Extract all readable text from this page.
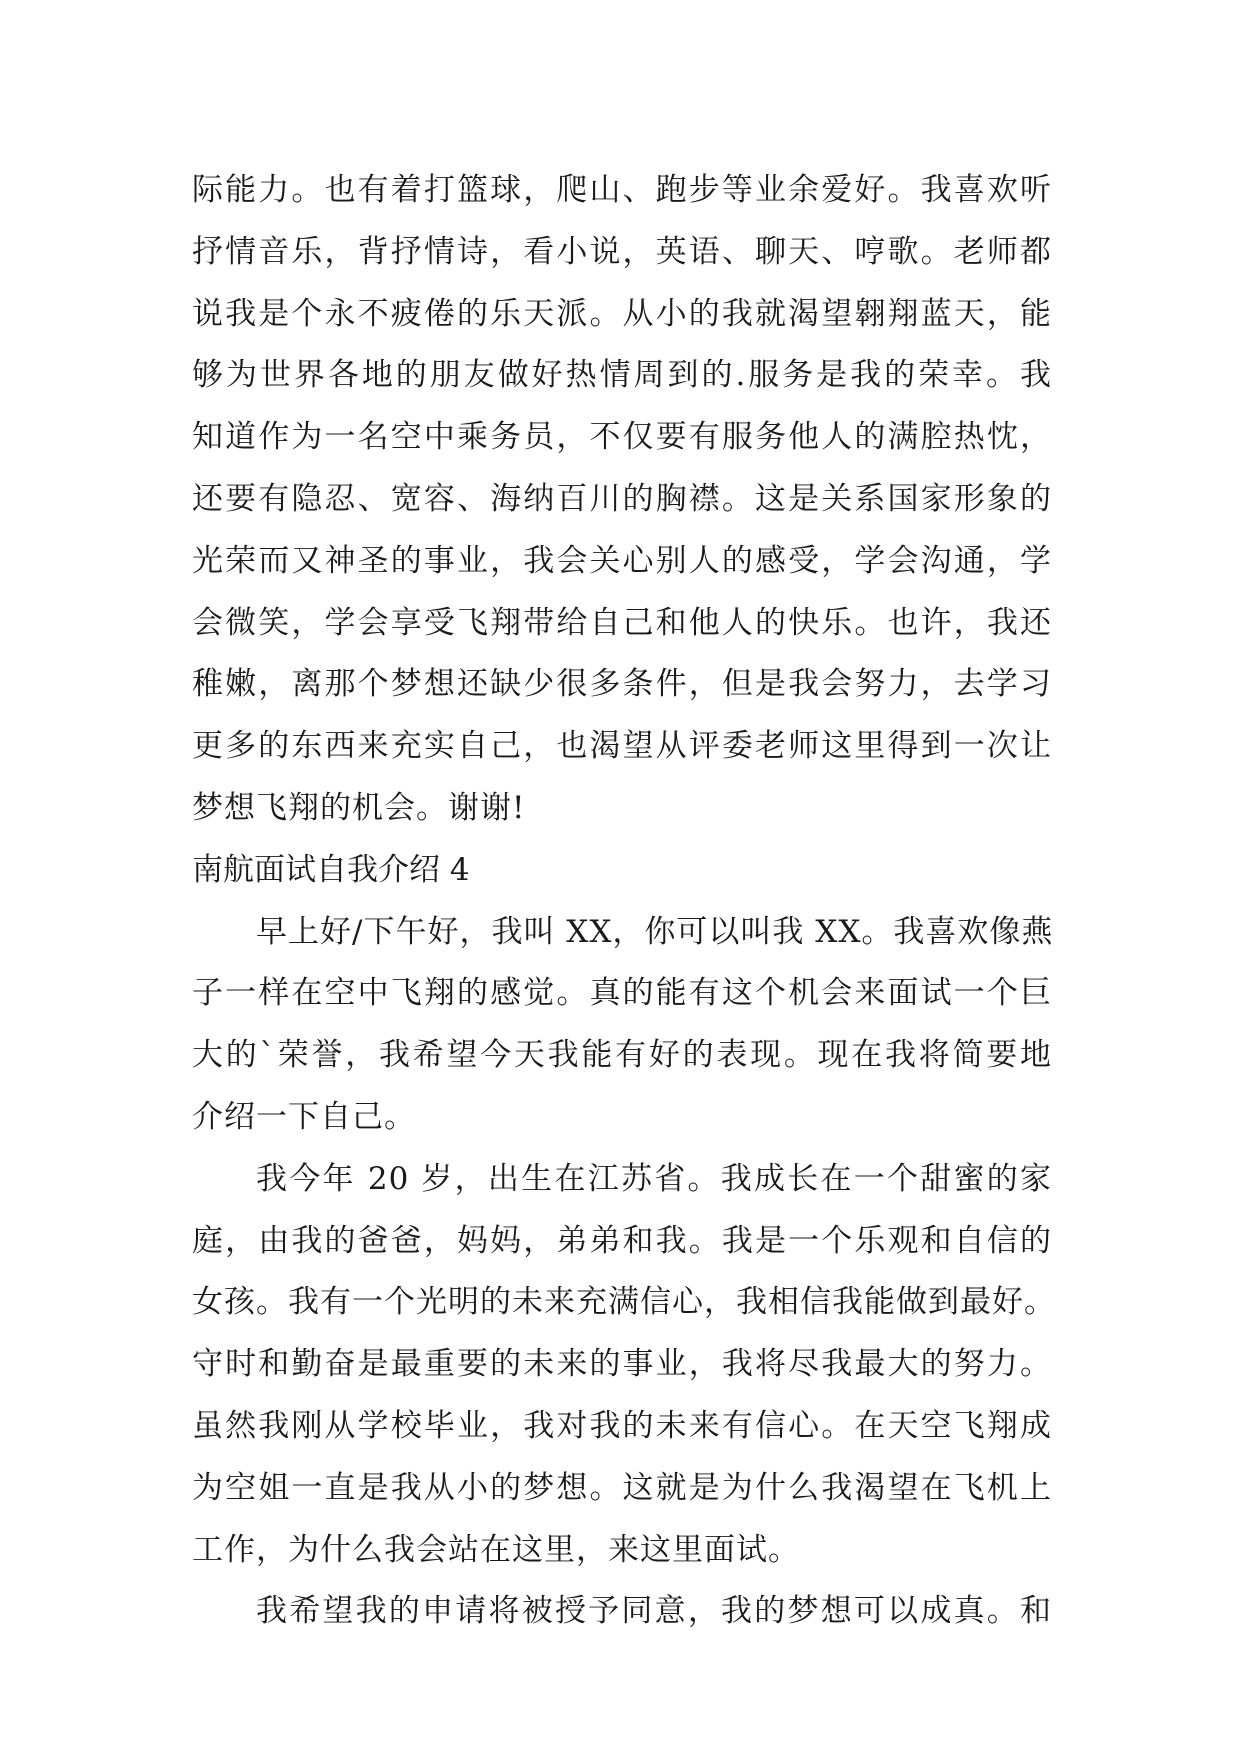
际能力。也有着打篮球，爬山、跑步等业余爱好。我喜欢听
抒情音乐，背抒情诗，看小说，英语、聊天、哼歌。老师都
说我是个永不疲倦的乐天派。从小的我就渴望翱翔蓝天，能
够为世界各地的朋友做好热情周到的.服务是我的荣幸。我
知道作为一名空中乘务员，不仅要有服务他人的满腔热忱，
还要有隐忍、宽容、海纳百川的胸襟。这是关系国家形象的
光荣而又神圣的事业，我会关心别人的感受，学会沟通，学
会微笑，学会享受飞翔带给自己和他人的快乐。也许，我还
稚嫩，离那个梦想还缺少很多条件，但是我会努力，去学习
更多的东西来充实自己，也渴望从评委老师这里得到一次让
梦想飞翔的机会。谢谢!
南航面试自我介绍 4
早上好/下午好，我叫 XX，你可以叫我 XX。我喜欢像燕
子一样在空中飞翔的感觉。真的能有这个机会来面试一个巨
大的`荣誉，我希望今天我能有好的表现。现在我将简要地
介绍一下自己。
我今年 20 岁，出生在江苏省。我成长在一个甜蜜的家
庭，由我的爸爸，妈妈，弟弟和我。我是一个乐观和自信的
女孩。我有一个光明的未来充满信心，我相信我能做到最好。
守时和勤奋是最重要的未来的事业，我将尽我最大的努力。
虽然我刚从学校毕业，我对我的未来有信心。在天空飞翔成
为空姐一直是我从小的梦想。这就是为什么我渴望在飞机上
工作，为什么我会站在这里，来这里面试。
我希望我的申请将被授予同意，我的梦想可以成真。和
